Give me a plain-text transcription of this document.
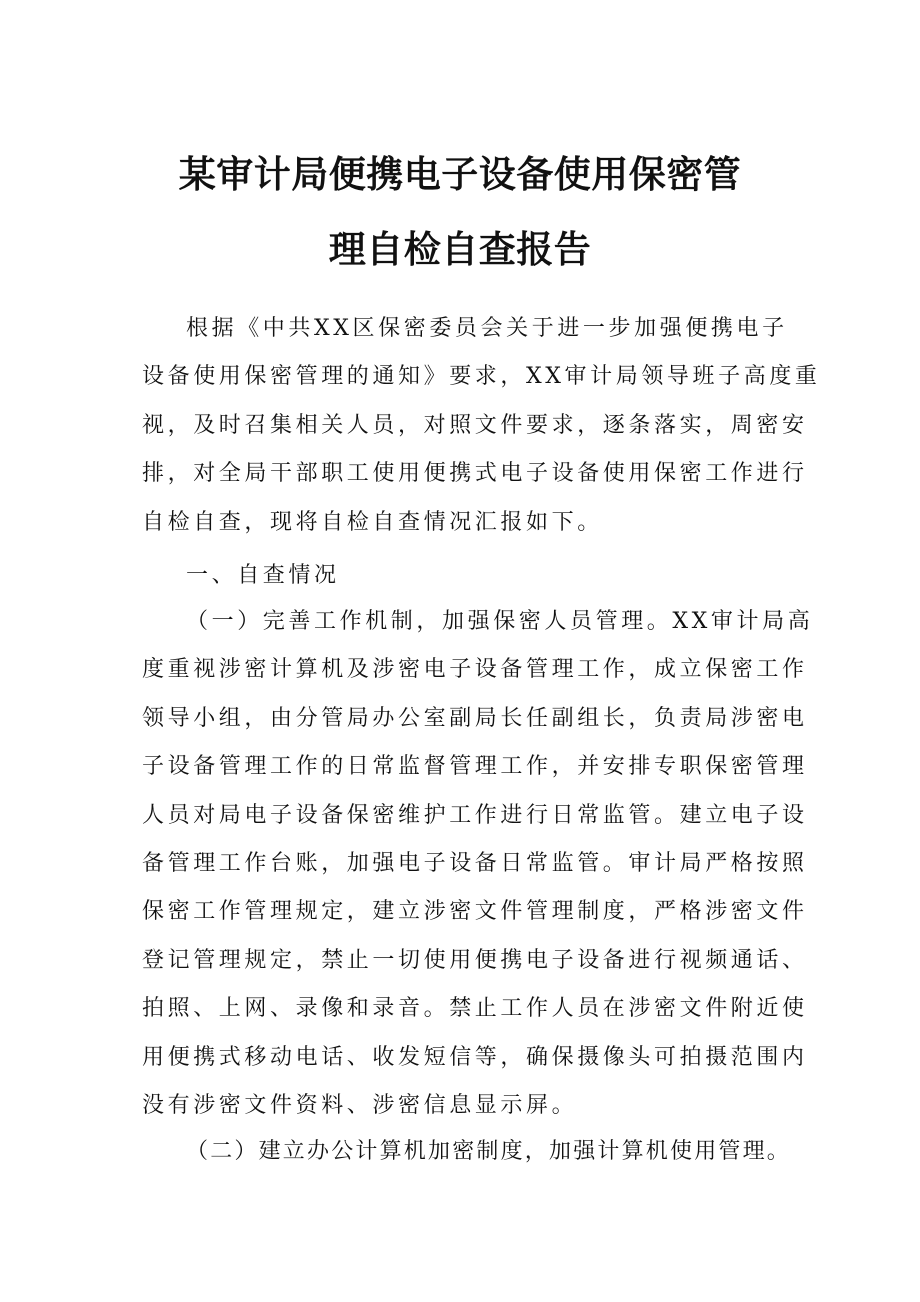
某审计局便携电子设备使用保密管
理自检自查报告
根据《中共XX区保密委员会关于进一步加强便携电子
设备使用保密管理的通知》要求，XX审计局领导班子高度重
视，及时召集相关人员，对照文件要求，逐条落实，周密安
排，对全局干部职工使用便携式电子设备使用保密工作进行
自检自查，现将自检自查情况汇报如下。
一、自查情况
（一）完善工作机制，加强保密人员管理。XX审计局高
度重视涉密计算机及涉密电子设备管理工作，成立保密工作
领导小组，由分管局办公室副局长任副组长，负责局涉密电
子设备管理工作的日常监督管理工作，并安排专职保密管理
人员对局电子设备保密维护工作进行日常监管。建立电子设
备管理工作台账，加强电子设备日常监管。审计局严格按照
保密工作管理规定，建立涉密文件管理制度，严格涉密文件
登记管理规定，禁止一切使用便携电子设备进行视频通话、
拍照、上网、录像和录音。禁止工作人员在涉密文件附近使
用便携式移动电话、收发短信等，确保摄像头可拍摄范围内
没有涉密文件资料、涉密信息显示屏。
（二）建立办公计算机加密制度，加强计算机使用管理。
